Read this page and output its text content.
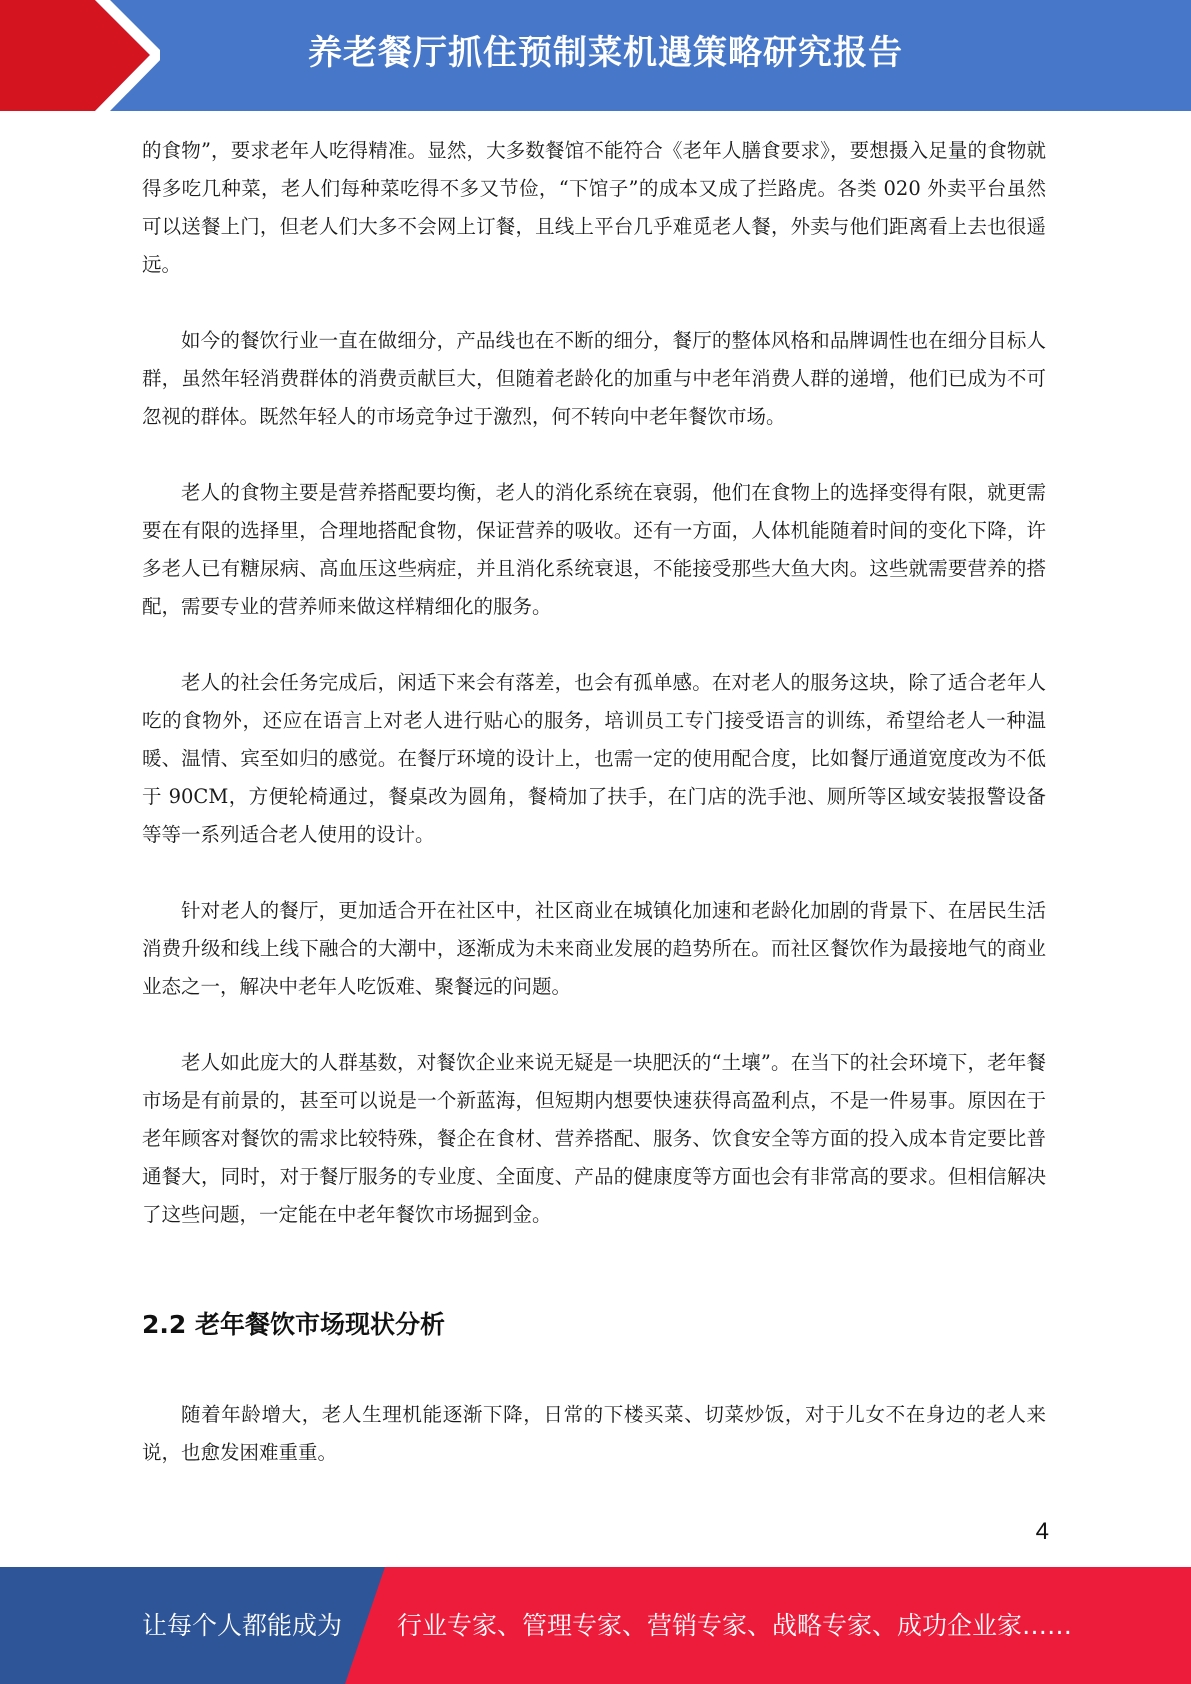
养老餐厅抓住预制菜机遇策略研究报告

的食物”，要求老年人吃得精准。显然，大多数餐馆不能符合《老年人膳食要求》，要想摄入足量的食物就得多吃几种菜，老人们每种菜吃得不多又节俭，“下馆子”的成本又成了拦路虎。各类 020 外卖平台虽然可以送餐上门，但老人们大多不会网上订餐，且线上平台几乎难觅老人餐，外卖与他们距离看上去也很遥远。

如今的餐饮行业一直在做细分，产品线也在不断的细分，餐厅的整体风格和品牌调性也在细分目标人群，虽然年轻消费群体的消费贡献巨大，但随着老龄化的加重与中老年消费人群的递增，他们已成为不可忽视的群体。既然年轻人的市场竞争过于激烈，何不转向中老年餐饮市场。

老人的食物主要是营养搭配要均衡，老人的消化系统在衰弱，他们在食物上的选择变得有限，就更需要在有限的选择里，合理地搭配食物，保证营养的吸收。还有一方面，人体机能随着时间的变化下降，许多老人已有糖尿病、高血压这些病症，并且消化系统衰退，不能接受那些大鱼大肉。这些就需要营养的搭配，需要专业的营养师来做这样精细化的服务。

老人的社会任务完成后，闲适下来会有落差，也会有孤单感。在对老人的服务这块，除了适合老年人吃的食物外，还应在语言上对老人进行贴心的服务，培训员工专门接受语言的训练，希望给老人一种温暖、温情、宾至如归的感觉。在餐厅环境的设计上，也需一定的使用配合度，比如餐厅通道宽度改为不低于 90CM，方便轮椅通过，餐桌改为圆角，餐椅加了扶手，在门店的洗手池、厕所等区域安装报警设备等等一系列适合老人使用的设计。

针对老人的餐厅，更加适合开在社区中，社区商业在城镇化加速和老龄化加剧的背景下、在居民生活消费升级和线上线下融合的大潮中，逐渐成为未来商业发展的趋势所在。而社区餐饮作为最接地气的商业业态之一，解决中老年人吃饭难、聚餐远的问题。

老人如此庞大的人群基数，对餐饮企业来说无疑是一块肥沃的“土壤”。在当下的社会环境下，老年餐市场是有前景的，甚至可以说是一个新蓝海，但短期内想要快速获得高盈利点，不是一件易事。原因在于老年顾客对餐饮的需求比较特殊，餐企在食材、营养搭配、服务、饮食安全等方面的投入成本肯定要比普通餐大，同时，对于餐厅服务的专业度、全面度、产品的健康度等方面也会有非常高的要求。但相信解决了这些问题，一定能在中老年餐饮市场掘到金。

2.2 老年餐饮市场现状分析

随着年龄增大，老人生理机能逐渐下降，日常的下楼买菜、切菜炒饭，对于儿女不在身边的老人来说，也愈发困难重重。

4
让每个人都能成为 行业专家、管理专家、营销专家、战略专家、成功企业家……
